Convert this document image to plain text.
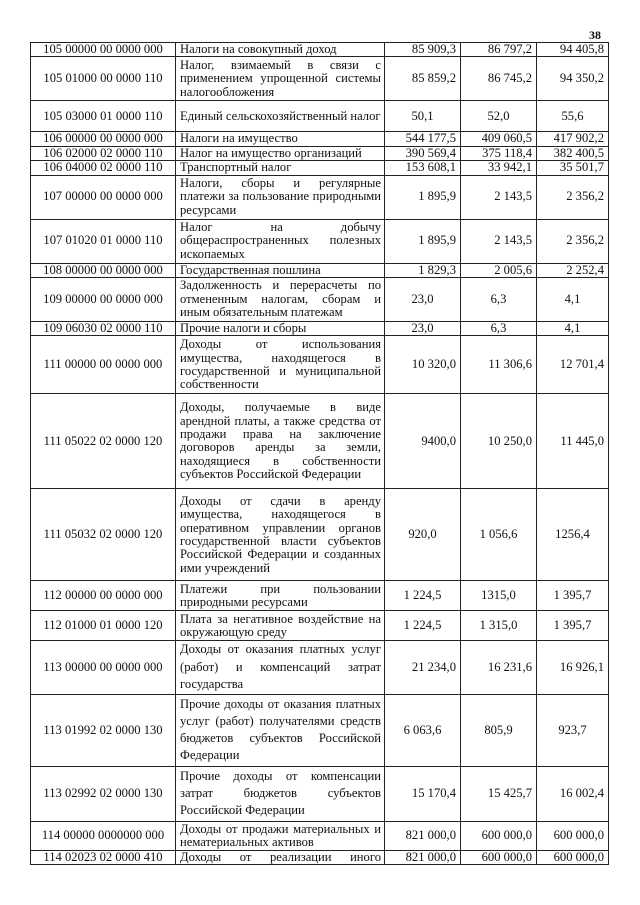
38
105 00000 00 0000 000	Налоги на совокупный доход	85 909,3	86 797,2	94 405,8
105 01000 00 0000 110	Налог, взимаемый в связи с применением упрощенной системы налогообложения	85 859,2	86 745,2	94 350,2
105 03000 01 0000 110	Единый сельскохозяйственный налог	50,1	52,0	55,6
106 00000 00 0000 000	Налоги на имущество	544 177,5	409 060,5	417 902,2
106 02000 02 0000 110	Налог на имущество организаций	390 569,4	375 118,4	382 400,5
106 04000 02 0000 110	Транспортный налог	153 608,1	33 942,1	35 501,7
107 00000 00 0000 000	Налоги, сборы и регулярные платежи за пользование природными ресурсами	1 895,9	2 143,5	2 356,2
107 01020 01 0000 110	Налог на добычу общераспространенных полезных ископаемых	1 895,9	2 143,5	2 356,2
108 00000 00 0000 000	Государственная пошлина	1 829,3	2 005,6	2 252,4
109 00000 00 0000 000	Задолженность и перерасчеты по отмененным налогам, сборам и иным обязательным платежам	23,0	6,3	4,1
109 06030 02 0000 110	Прочие налоги и сборы	23,0	6,3	4,1
111 00000 00 0000 000	Доходы от использования имущества, находящегося в государственной и муниципальной собственности	10 320,0	11 306,6	12 701,4
111 05022 02 0000 120	Доходы, получаемые в виде арендной платы, а также средства от продажи права на заключение договоров аренды за земли, находящиеся в собственности субъектов Российской Федерации	9400,0	10 250,0	11 445,0
111 05032 02 0000 120	Доходы от сдачи в аренду имущества, находящегося в оперативном управлении органов государственной власти субъектов Российской Федерации и созданных ими учреждений	920,0	1 056,6	1256,4
112 00000 00 0000 000	Платежи при пользовании природными ресурсами	1 224,5	1315,0	1 395,7
112 01000 01 0000 120	Плата за негативное воздействие на окружающую среду	1 224,5	1 315,0	1 395,7
113 00000 00 0000 000	Доходы от оказания платных услуг (работ) и компенсаций затрат государства	21 234,0	16 231,6	16 926,1
113 01992 02 0000 130	Прочие доходы от оказания платных услуг (работ) получателями средств бюджетов субъектов Российской Федерации	6 063,6	805,9	923,7
113 02992 02 0000 130	Прочие доходы от компенсации затрат бюджетов субъектов Российской Федерации	15 170,4	15 425,7	16 002,4
114 00000 0000000 000	Доходы от продажи материальных и нематериальных активов	821 000,0	600 000,0	600 000,0
114 02023 02 0000 410	Доходы от реализации иного	821 000,0	600 000,0	600 000,0
